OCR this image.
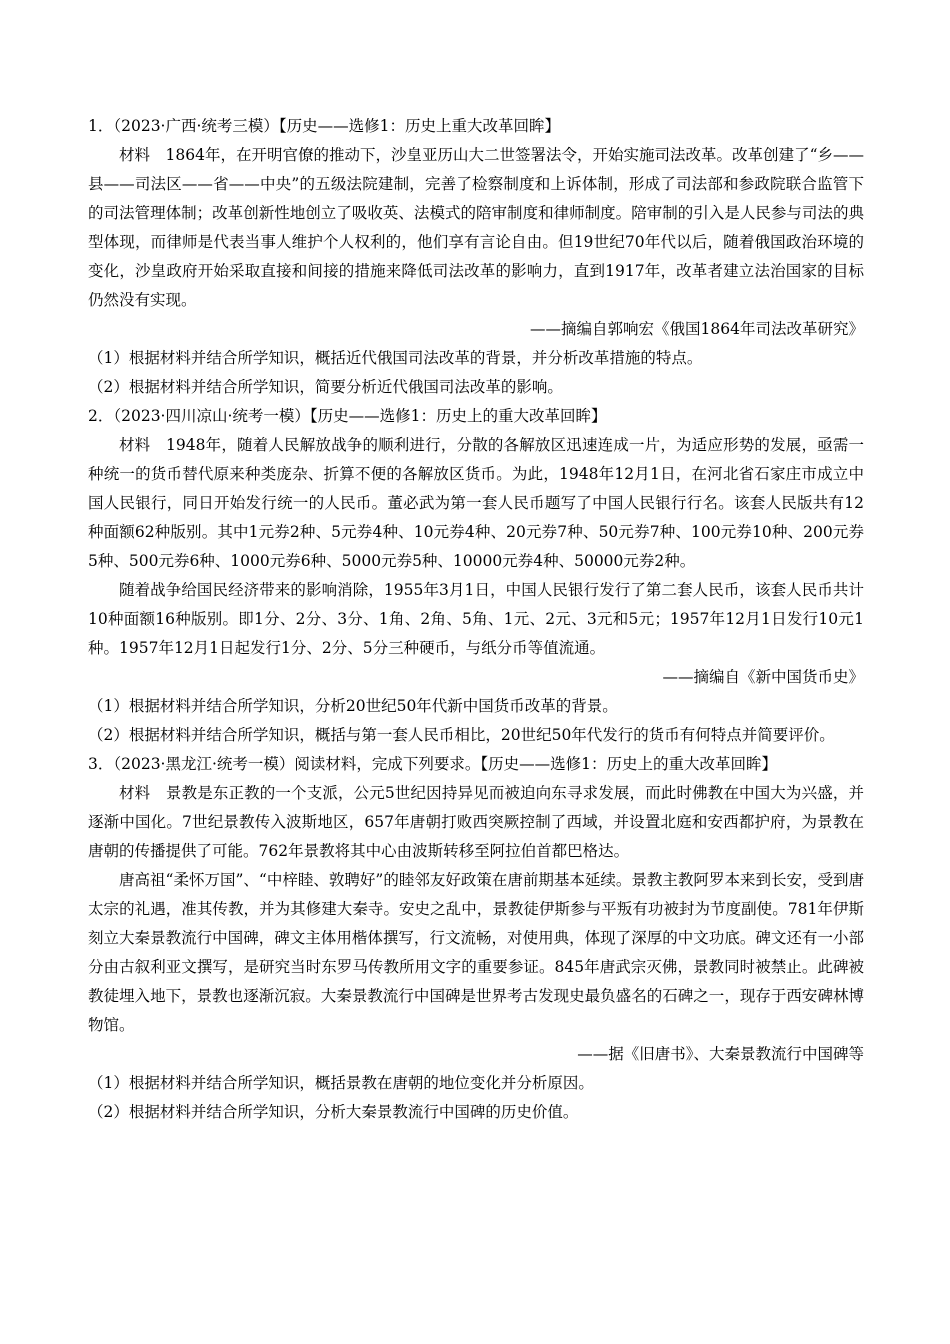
1．（2023·广西·统考三模）【历史——选修1：历史上重大改革回眸】
材料　1864年，在开明官僚的推动下，沙皇亚历山大二世签署法令，开始实施司法改革。改革创建了“乡——县——司法区——省——中央”的五级法院建制，完善了检察制度和上诉体制，形成了司法部和参政院联合监管下的司法管理体制；改革创新性地创立了吸收英、法模式的陪审制度和律师制度。陪审制的引入是人民参与司法的典型体现，而律师是代表当事人维护个人权利的，他们享有言论自由。但19世纪70年代以后，随着俄国政治环境的变化，沙皇政府开始采取直接和间接的措施来降低司法改革的影响力，直到1917年，改革者建立法治国家的目标仍然没有实现。
——摘编自郭响宏《俄国1864年司法改革研究》
（1）根据材料并结合所学知识，概括近代俄国司法改革的背景，并分析改革措施的特点。
（2）根据材料并结合所学知识，简要分析近代俄国司法改革的影响。
2．（2023·四川凉山·统考一模）【历史——选修1：历史上的重大改革回眸】
材料　1948年，随着人民解放战争的顺利进行，分散的各解放区迅速连成一片，为适应形势的发展，亟需一种统一的货币替代原来种类庞杂、折算不便的各解放区货币。为此，1948年12月1日，在河北省石家庄市成立中国人民银行，同日开始发行统一的人民币。董必武为第一套人民币题写了中国人民银行行名。该套人民版共有12种面额62种版别。其中1元券2种、5元券4种、10元券4种、20元券7种、50元券7种、100元券10种、200元券5种、500元券6种、1000元券6种、5000元券5种、10000元券4种、50000元券2种。
随着战争给国民经济带来的影响消除，1955年3月1日，中国人民银行发行了第二套人民币，该套人民币共计10种面额16种版别。即1分、2分、3分、1角、2角、5角、1元、2元、3元和5元；1957年12月1日发行10元1种。1957年12月1日起发行1分、2分、5分三种硬币，与纸分币等值流通。
——摘编自《新中国货币史》
（1）根据材料并结合所学知识，分析20世纪50年代新中国货币改革的背景。
（2）根据材料并结合所学知识，概括与第一套人民币相比，20世纪50年代发行的货币有何特点并简要评价。
3．（2023·黑龙江·统考一模）阅读材料，完成下列要求。【历史——选修1：历史上的重大改革回眸】
材料　景教是东正教的一个支派，公元5世纪因持异见而被迫向东寻求发展，而此时佛教在中国大为兴盛，并逐渐中国化。7世纪景教传入波斯地区，657年唐朝打败西突厥控制了西域，并设置北庭和安西都护府，为景教在唐朝的传播提供了可能。762年景教将其中心由波斯转移至阿拉伯首都巴格达。
唐高祖“柔怀万国”、“中梓睦、敦聘好”的睦邻友好政策在唐前期基本延续。景教主教阿罗本来到长安，受到唐太宗的礼遇，准其传教，并为其修建大秦寺。安史之乱中，景教徒伊斯参与平叛有功被封为节度副使。781年伊斯刻立大秦景教流行中国碑，碑文主体用楷体撰写，行文流畅，对使用典，体现了深厚的中文功底。碑文还有一小部分由古叙利亚文撰写，是研究当时东罗马传教所用文字的重要参证。845年唐武宗灭佛，景教同时被禁止。此碑被教徒埋入地下，景教也逐渐沉寂。大秦景教流行中国碑是世界考古发现史最负盛名的石碑之一，现存于西安碑林博物馆。
——据《旧唐书》、大秦景教流行中国碑等
（1）根据材料并结合所学知识，概括景教在唐朝的地位变化并分析原因。
（2）根据材料并结合所学知识，分析大秦景教流行中国碑的历史价值。
